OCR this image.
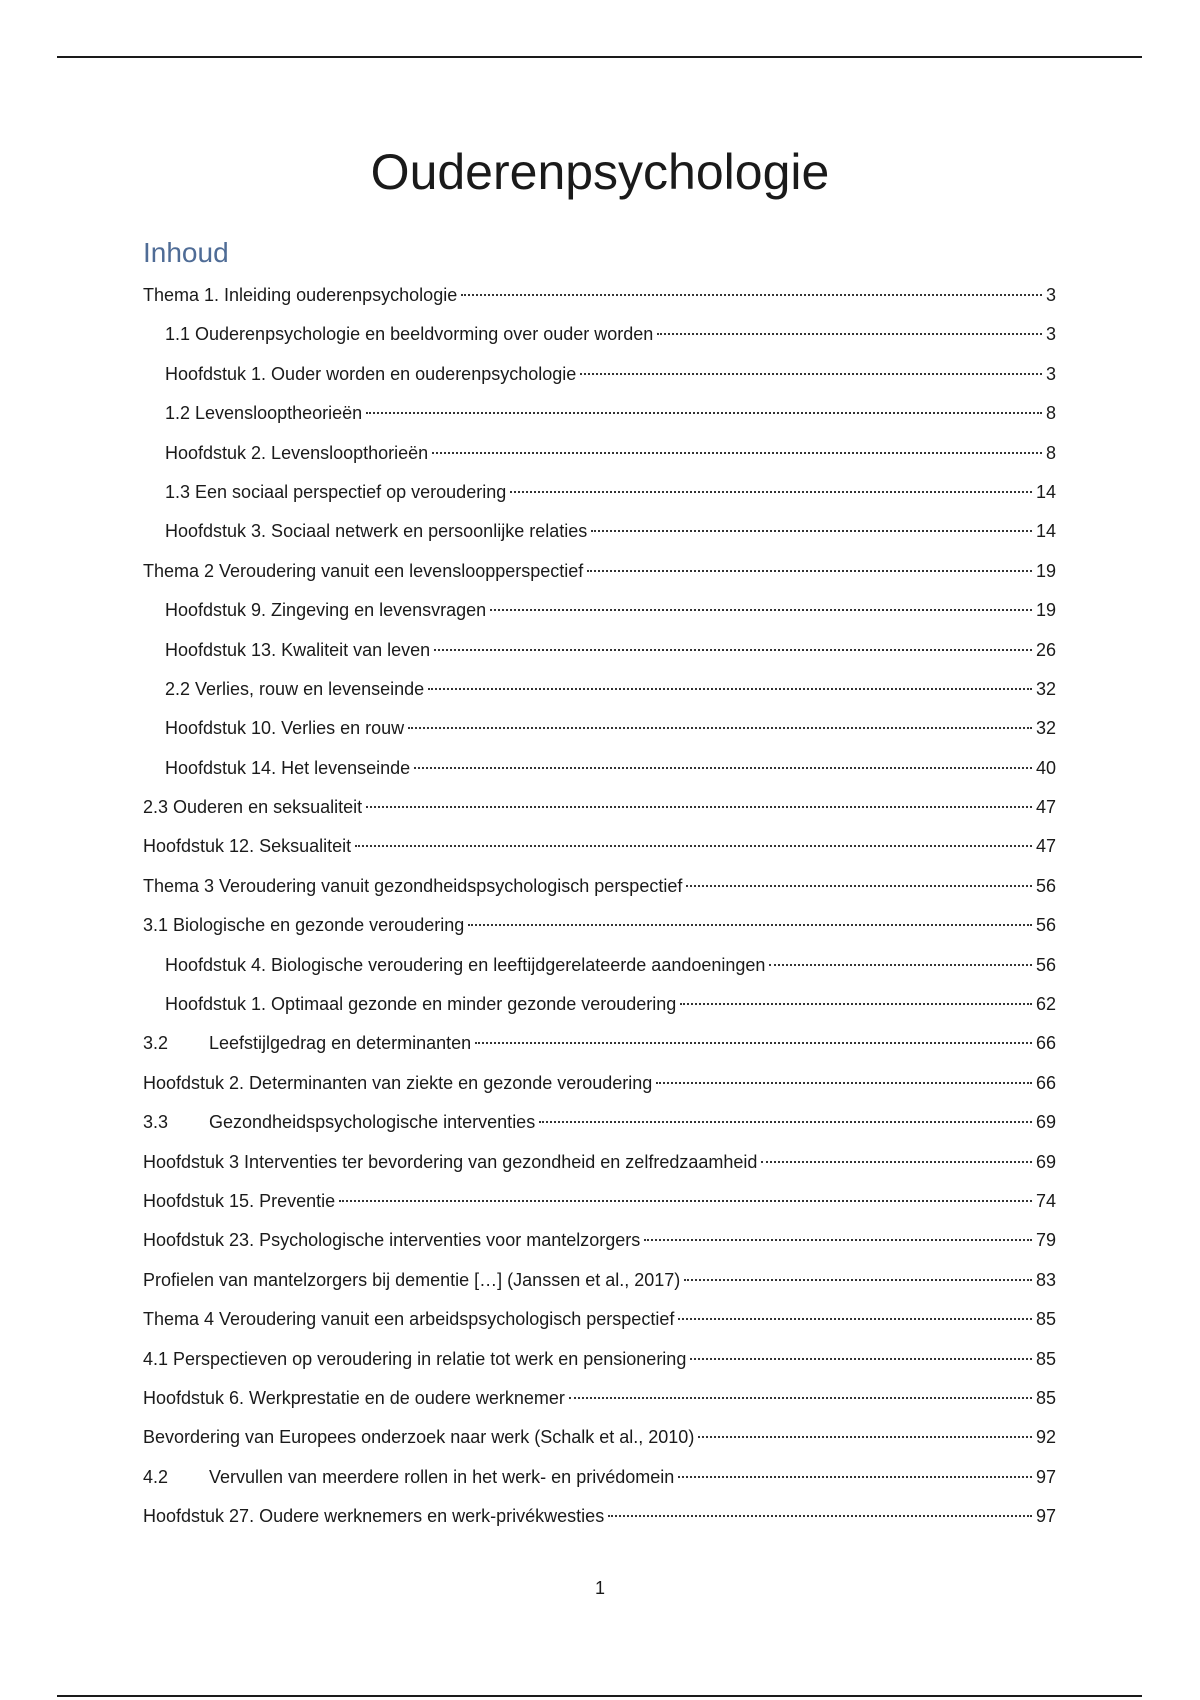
Ouderenpsychologie
Inhoud
Thema 1. Inleiding ouderenpsychologie	3
1.1 Ouderenpsychologie en beeldvorming over ouder worden	3
Hoofdstuk 1. Ouder worden en ouderenpsychologie	3
1.2 Levenslooptheorieën	8
Hoofdstuk 2. Levensloopthorieën	8
1.3 Een sociaal perspectief op veroudering	14
Hoofdstuk 3. Sociaal netwerk en persoonlijke relaties	14
Thema 2 Veroudering vanuit een levensloopperspectief	19
Hoofdstuk 9. Zingeving en levensvragen	19
Hoofdstuk 13. Kwaliteit van leven	26
2.2 Verlies, rouw en levenseinde	32
Hoofdstuk 10. Verlies en rouw	32
Hoofdstuk 14. Het levenseinde	40
2.3 Ouderen en seksualiteit	47
Hoofdstuk 12. Seksualiteit	47
Thema 3 Veroudering vanuit gezondheidspsychologisch perspectief	56
3.1 Biologische en gezonde veroudering	56
Hoofdstuk 4. Biologische veroudering en leeftijdgerelateerde aandoeningen	56
Hoofdstuk 1. Optimaal gezonde en minder gezonde veroudering	62
3.2 Leefstijlgedrag en determinanten	66
Hoofdstuk 2. Determinanten van ziekte en gezonde veroudering	66
3.3 Gezondheidspsychologische interventies	69
Hoofdstuk 3 Interventies ter bevordering van gezondheid en zelfredzaamheid	69
Hoofdstuk 15. Preventie	74
Hoofdstuk 23. Psychologische interventies voor mantelzorgers	79
Profielen van mantelzorgers bij dementie […] (Janssen et al., 2017)	83
Thema 4 Veroudering vanuit een arbeidspsychologisch perspectief	85
4.1 Perspectieven op veroudering in relatie tot werk en pensionering	85
Hoofdstuk 6. Werkprestatie en de oudere werknemer	85
Bevordering van Europees onderzoek naar werk (Schalk et al., 2010)	92
4.2 Vervullen van meerdere rollen in het werk- en privédomein	97
Hoofdstuk 27. Oudere werknemers en werk-privékwesties	97
1
